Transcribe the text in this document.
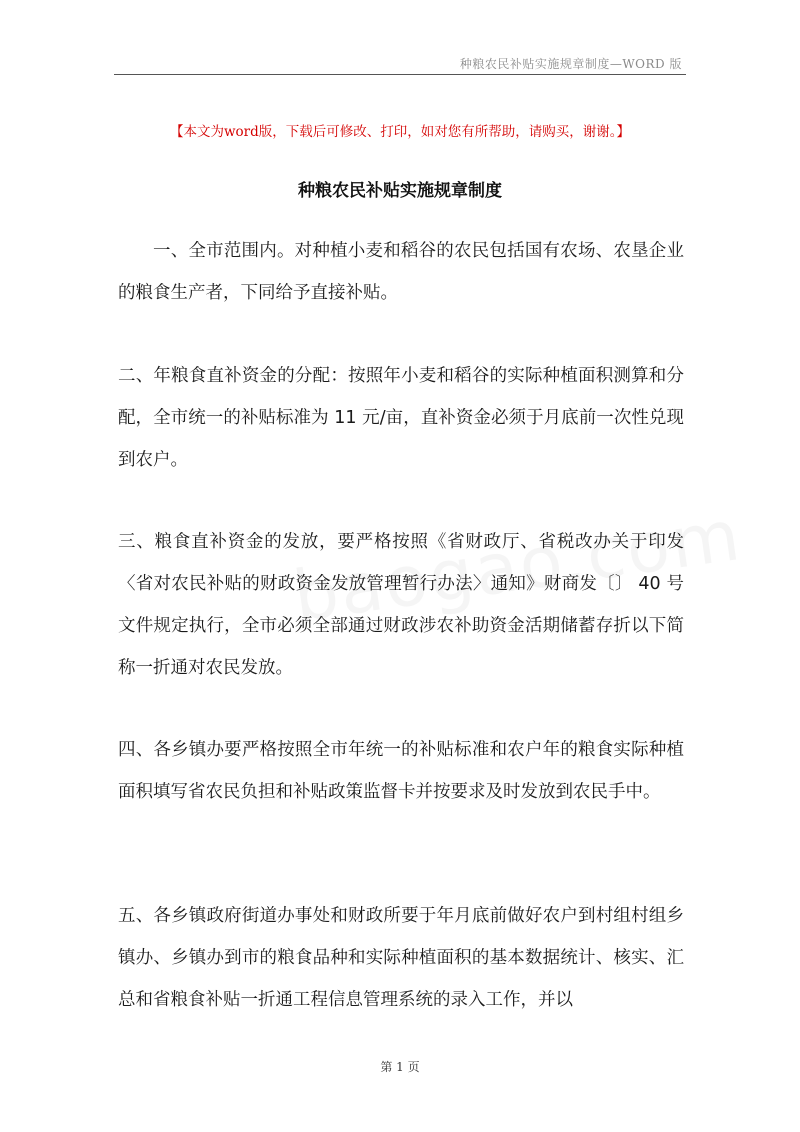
种粮农民补贴实施规章制度—WORD 版
【本文为word版，下载后可修改、打印，如对您有所帮助，请购买，谢谢。】
种粮农民补贴实施规章制度

一、全市范围内。对种植小麦和稻谷的农民包括国有农场、农垦企业的粮食生产者，下同给予直接补贴。

二、年粮食直补资金的分配：按照年小麦和稻谷的实际种植面积测算和分配，全市统一的补贴标准为 11 元/亩，直补资金必须于月底前一次性兑现到农户。

三、粮食直补资金的发放，要严格按照《省财政厅、省税改办关于印发〈省对农民补贴的财政资金发放管理暂行办法〉通知》财商发〔〕 40 号文件规定执行，全市必须全部通过财政涉农补助资金活期储蓄存折以下简称一折通对农民发放。

四、各乡镇办要严格按照全市年统一的补贴标准和农户年的粮食实际种植面积填写省农民负担和补贴政策监督卡并按要求及时发放到农民手中。

五、各乡镇政府街道办事处和财政所要于年月底前做好农户到村组村组乡镇办、乡镇办到市的粮食品种和实际种植面积的基本数据统计、核实、汇总和省粮食补贴一折通工程信息管理系统的录入工作，并以

第 1 页
